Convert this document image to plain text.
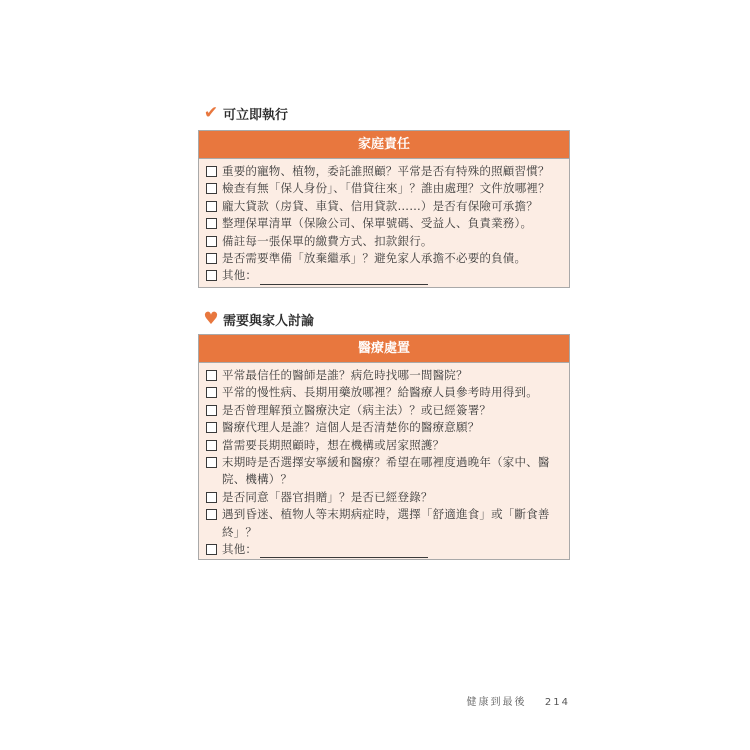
✔ 可立即執行
家庭責任
重要的寵物、植物，委託誰照顧？平常是否有特殊的照顧習慣？
檢查有無「保人身份」、「借貸往來」？誰由處理？文件放哪裡？
龐大貸款（房貸、車貸、信用貸款……）是否有保險可承擔？
整理保單清單（保險公司、保單號碼、受益人、負責業務）。
備註每一張保單的繳費方式、扣款銀行。
是否需要準備「放棄繼承」？避免家人承擔不必要的負債。
其他：
♥ 需要與家人討論
醫療處置
平常最信任的醫師是誰？病危時找哪一間醫院？
平常的慢性病、長期用藥放哪裡？給醫療人員參考時用得到。
是否曾理解預立醫療決定（病主法）？或已經簽署？
醫療代理人是誰？這個人是否清楚你的醫療意願？
當需要長期照顧時，想在機構或居家照護？
末期時是否選擇安寧緩和醫療？希望在哪裡度過晚年（家中、醫院、機構）？
是否同意「器官捐贈」？是否已經登錄？
遇到昏迷、植物人等末期病症時，選擇「舒適進食」或「斷食善終」？
其他：
健康到最後 214
